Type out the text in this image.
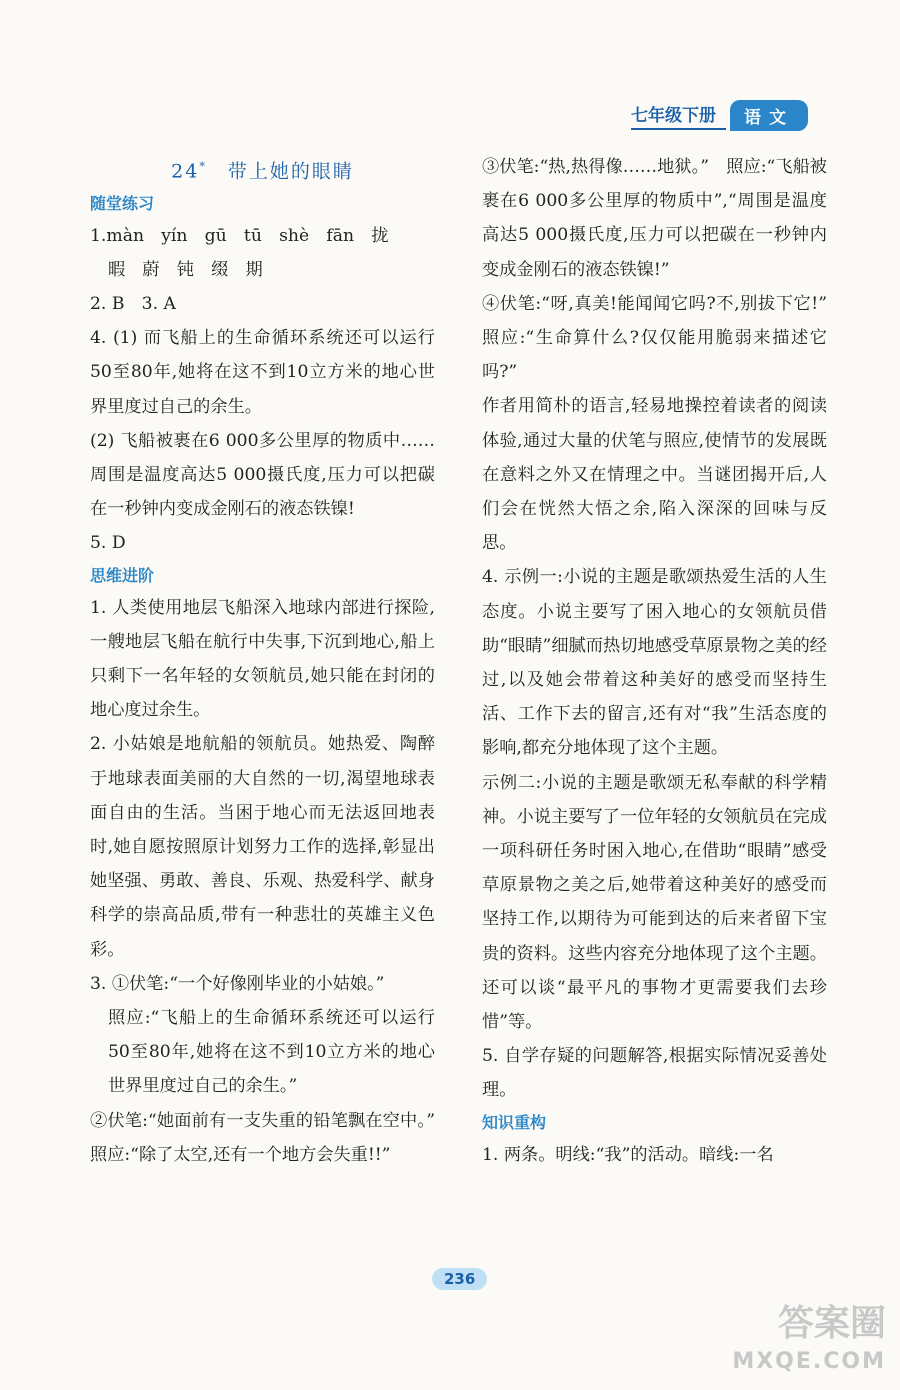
七年级下册	语文
24*　 带上她的眼睛
随堂练习

1.màn　yín　gū　tū　shè　fān　拢

暇　蔚　钝　缀　期

2. B　3. A

4. (1) 而飞船上的生命循环系统还可以运行50至80年,她将在这不到10立方米的地心世界里度过自己的余生。

(2) 飞船被裹在6 000多公里厚的物质中……周围是温度高达5 000摄氏度,压力可以把碳在一秒钟内变成金刚石的液态铁镍!

5. D

思维进阶

1. 人类使用地层飞船深入地球内部进行探险,一艘地层飞船在航行中失事,下沉到地心,船上只剩下一名年轻的女领航员,她只能在封闭的地心度过余生。

2. 小姑娘是地航船的领航员。她热爱、陶醉于地球表面美丽的大自然的一切,渴望地球表面自由的生活。当困于地心而无法返回地表时,她自愿按照原计划努力工作的选择,彰显出她坚强、勇敢、善良、乐观、热爱科学、献身科学的崇高品质,带有一种悲壮的英雄主义色彩。

3. ①伏笔:“一个好像刚毕业的小姑娘。”

照应:“飞船上的生命循环系统还可以运行50至80年,她将在这不到10立方米的地心世界里度过自己的余生。”

②伏笔:“她面前有一支失重的铅笔飘在空中。”　照应:“除了太空,还有一个地方会失重!!”

③伏笔:“热,热得像……地狱。”　照应:“飞船被裹在6 000多公里厚的物质中”,“周围是温度高达5 000摄氏度,压力可以把碳在一秒钟内变成金刚石的液态铁镍!”

④伏笔:“呀,真美!能闻闻它吗?不,别拔下它!”　照应:“生命算什么?仅仅能用脆弱来描述它吗?”

作者用简朴的语言,轻易地操控着读者的阅读体验,通过大量的伏笔与照应,使情节的发展既在意料之外又在情理之中。当谜团揭开后,人们会在恍然大悟之余,陷入深深的回味与反思。

4. 示例一:小说的主题是歌颂热爱生活的人生态度。小说主要写了困入地心的女领航员借助“眼睛”细腻而热切地感受草原景物之美的经过,以及她会带着这种美好的感受而坚持生活、工作下去的留言,还有对“我”生活态度的影响,都充分地体现了这个主题。

示例二:小说的主题是歌颂无私奉献的科学精神。小说主要写了一位年轻的女领航员在完成一项科研任务时困入地心,在借助“眼睛”感受草原景物之美之后,她带着这种美好的感受而坚持工作,以期待为可能到达的后来者留下宝贵的资料。这些内容充分地体现了这个主题。还可以谈“最平凡的事物才更需要我们去珍惜”等。

5. 自学存疑的问题解答,根据实际情况妥善处理。

知识重构

1. 两条。明线:“我”的活动。暗线:一名

236
答案圈
MXQE.COM
